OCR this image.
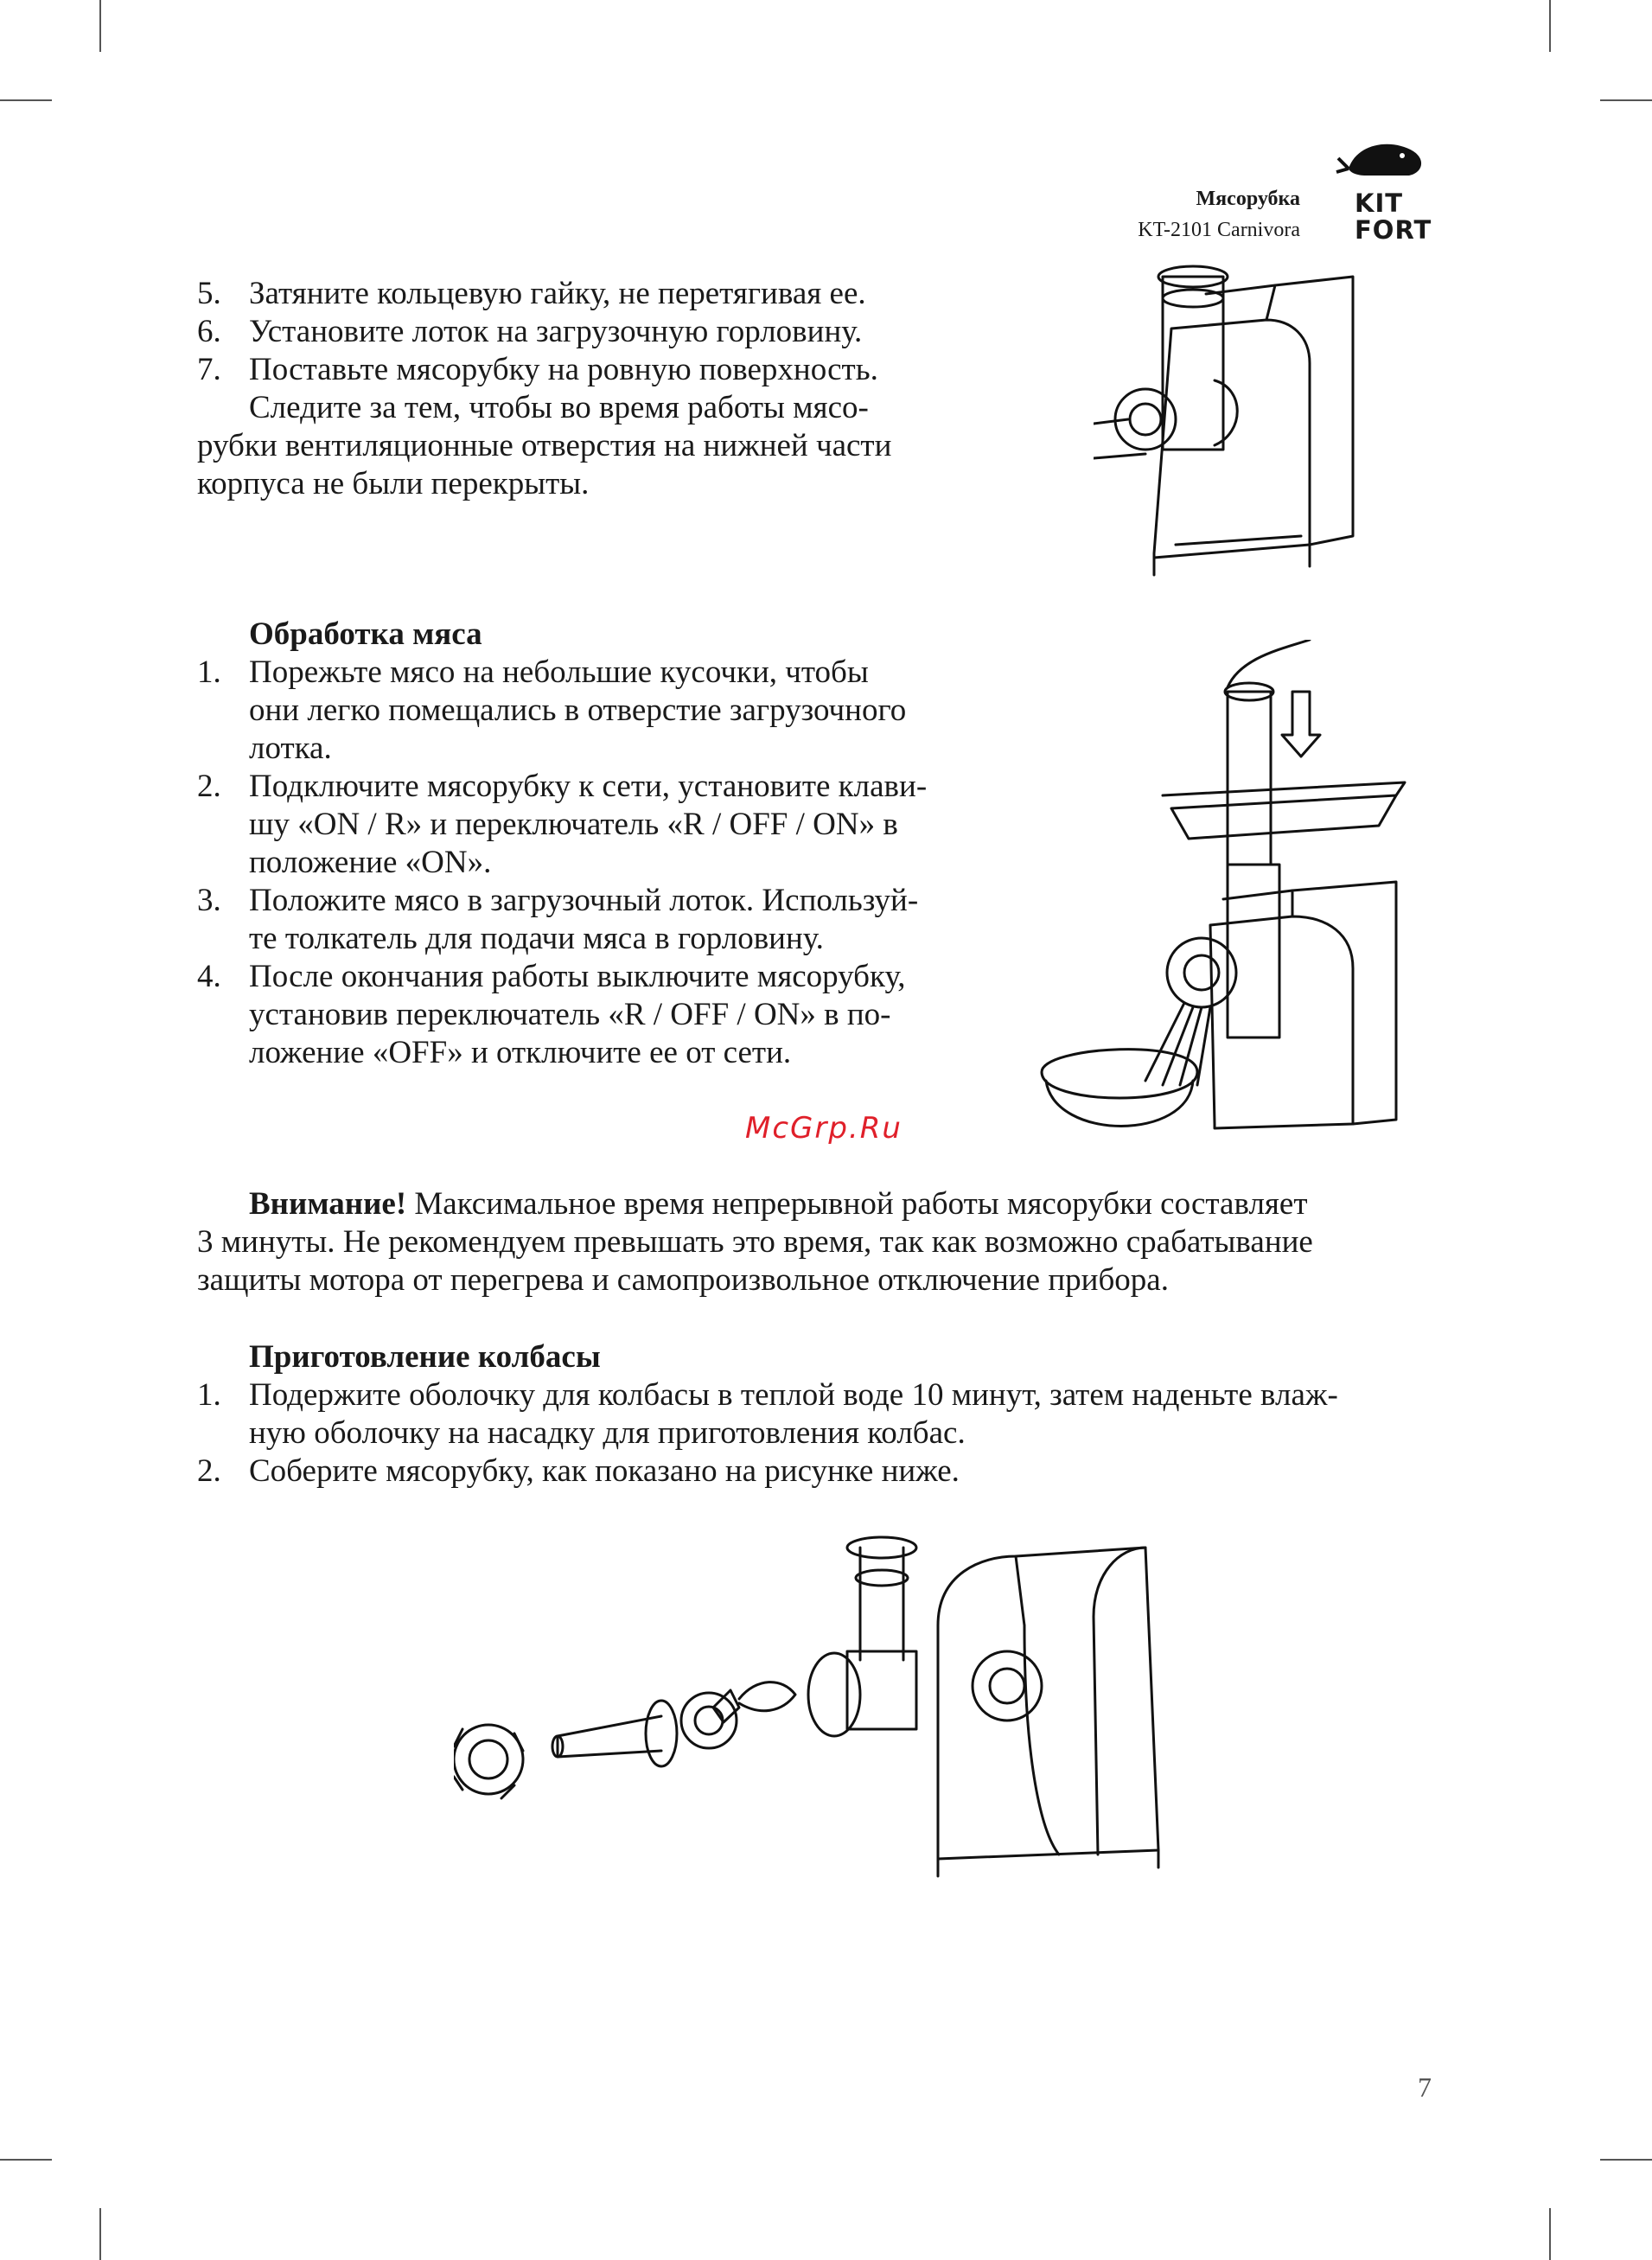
Мясорубка
KT-2101 Carnivora
KIT
FORT
5. Затяните кольцевую гайку, не перетягивая ее.
6. Установите лоток на загрузочную горловину.
7. Поставьте мясорубку на ровную поверхность.
Следите за тем, чтобы во время работы мясо-
рубки вентиляционные отверстия на нижней части
корпуса не были перекрыты.
Обработка мяса
1. Порежьте мясо на небольшие кусочки, чтобы
они легко помещались в отверстие загрузочного
лотка.
2. Подключите мясорубку к сети, установите клави-
шу «ON / R» и переключатель «R / OFF / ON» в
положение «ON».
3. Положите мясо в загрузочный лоток. Используй-
те толкатель для подачи мяса в горловину.
4. После окончания работы выключите мясорубку,
установив переключатель «R / OFF / ON» в по-
ложение «OFF» и отключите ее от сети.
McGrp.Ru
Внимание! Максимальное время непрерывной работы мясорубки составляет
3 минуты. Не рекомендуем превышать это время, так как возможно срабатывание
защиты мотора от перегрева и самопроизвольное отключение прибора.
Приготовление колбасы
1. Подержите оболочку для колбасы в теплой воде 10 минут, затем наденьте влаж-
ную оболочку на насадку для приготовления колбас.
2. Соберите мясорубку, как показано на рисунке ниже.
7
